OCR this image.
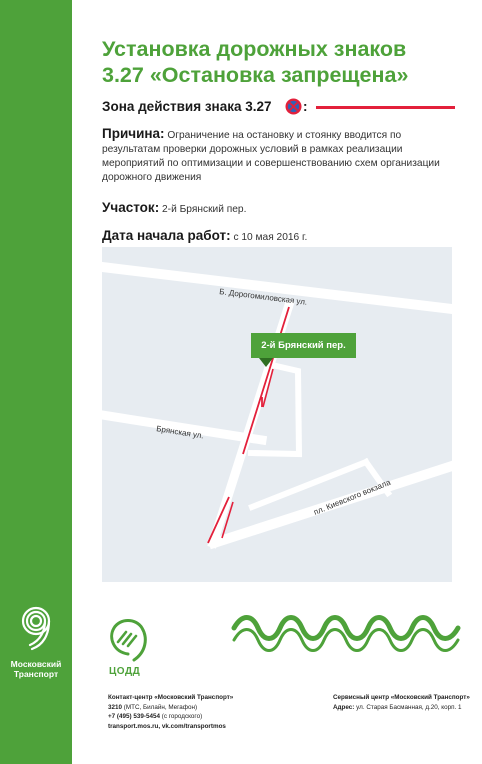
Московский
Транспорт
Установка дорожных знаков
3.27 «Остановка запрещена»
Зона действия знака 3.27 :
Причина: Ограничение на остановку и стоянку вводится по результатам проверки дорожных условий в рамках реализации мероприятий по оптимизации и совершенствованию схем организации дорожного движения
Участок: 2-й Брянский пер.
Дата начала работ: с 10 мая 2016 г.
Б. Дорогомиловская ул.
Брянская ул.
пл. Киевского вокзала
2-й Брянский пер.
ЦОДД
Контакт-центр «Московский Транспорт»
3210 (МТС, Билайн, Мегафон)
+7 (495) 539-5454 (с городского)
transport.mos.ru, vk.com/transportmos
Сервисный центр «Московский Транспорт»
Адрес: ул. Старая Басманная, д.20, корп. 1
